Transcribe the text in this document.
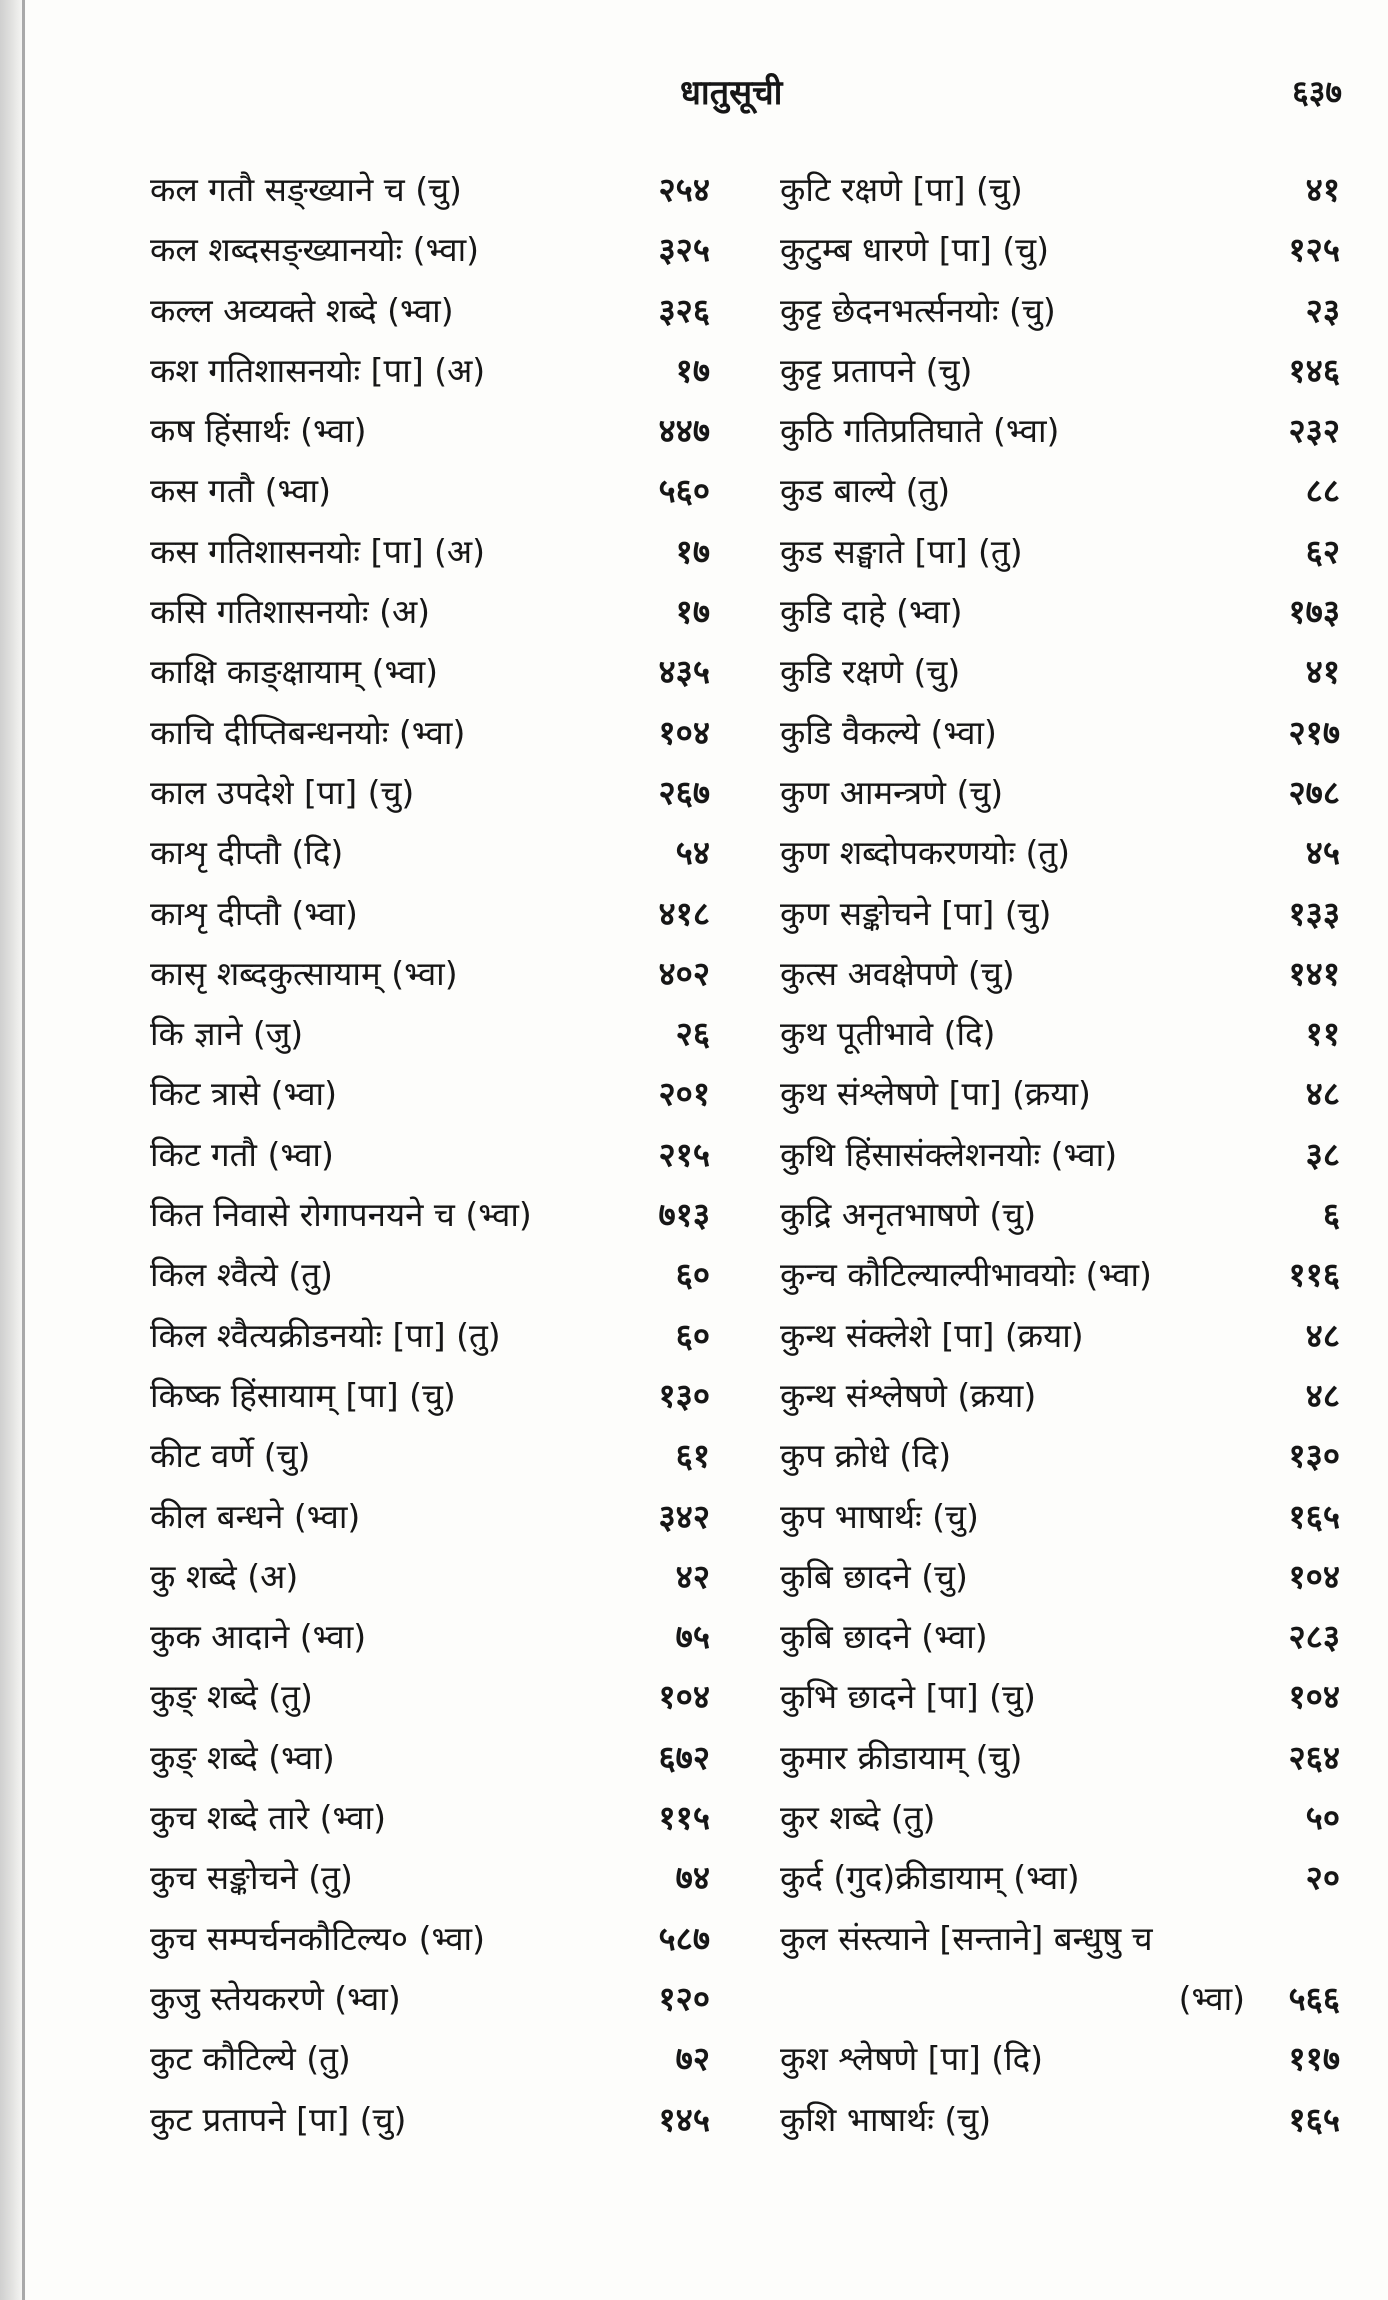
धातुसूची	६३७
कल गतौ सङ्ख्याने च (चु)	२५४
कल शब्दसङ्ख्यानयोः (भ्वा)	३२५
कल्ल अव्यक्ते शब्दे (भ्वा)	३२६
कश गतिशासनयोः [पा] (अ)	१७
कष हिंसार्थः (भ्वा)	४४७
कस गतौ (भ्वा)	५६०
कस गतिशासनयोः [पा] (अ)	१७
कसि गतिशासनयोः (अ)	१७
काक्षि काङ्क्षायाम् (भ्वा)	४३५
काचि दीप्तिबन्धनयोः (भ्वा)	१०४
काल उपदेशे [पा] (चु)	२६७
काशृ दीप्तौ (दि)	५४
काशृ दीप्तौ (भ्वा)	४१८
कासृ शब्दकुत्सायाम् (भ्वा)	४०२
कि ज्ञाने (जु)	२६
किट त्रासे (भ्वा)	२०१
किट गतौ (भ्वा)	२१५
कित निवासे रोगापनयने च (भ्वा)	७१३
किल श्वैत्ये (तु)	६०
किल श्वैत्यक्रीडनयोः [पा] (तु)	६०
किष्क हिंसायाम् [पा] (चु)	१३०
कीट वर्णे (चु)	६१
कील बन्धने (भ्वा)	३४२
कु शब्दे (अ)	४२
कुक आदाने (भ्वा)	७५
कुङ् शब्दे (तु)	१०४
कुङ् शब्दे (भ्वा)	६७२
कुच शब्दे तारे (भ्वा)	११५
कुच सङ्कोचने (तु)	७४
कुच सम्पर्चनकौटिल्य० (भ्वा)	५८७
कुजु स्तेयकरणे (भ्वा)	१२०
कुट कौटिल्ये (तु)	७२
कुट प्रतापने [पा] (चु)	१४५
कुटि रक्षणे [पा] (चु)	४१
कुटुम्ब धारणे [पा] (चु)	१२५
कुट्ट छेदनभर्त्सनयोः (चु)	२३
कुट्ट प्रतापने (चु)	१४६
कुठि गतिप्रतिघाते (भ्वा)	२३२
कुड बाल्ये (तु)	८८
कुड सङ्घाते [पा] (तु)	६२
कुडि दाहे (भ्वा)	१७३
कुडि रक्षणे (चु)	४१
कुडि वैकल्ये (भ्वा)	२१७
कुण आमन्त्रणे (चु)	२७८
कुण शब्दोपकरणयोः (तु)	४५
कुण सङ्कोचने [पा] (चु)	१३३
कुत्स अवक्षेपणे (चु)	१४१
कुथ पूतीभावे (दि)	११
कुथ संश्लेषणे [पा] (क्रया)	४८
कुथि हिंसासंक्लेशनयोः (भ्वा)	३८
कुद्रि अनृतभाषणे (चु)	६
कुन्च कौटिल्याल्पीभावयोः (भ्वा)	११६
कुन्थ संक्लेशे [पा] (क्रया)	४८
कुन्थ संश्लेषणे (क्रया)	४८
कुप क्रोधे (दि)	१३०
कुप भाषार्थः (चु)	१६५
कुबि छादने (चु)	१०४
कुबि छादने (भ्वा)	२८३
कुभि छादने [पा] (चु)	१०४
कुमार क्रीडायाम् (चु)	२६४
कुर शब्दे (तु)	५०
कुर्द (गुद)क्रीडायाम् (भ्वा)	२०
कुल संस्त्याने [सन्ताने] बन्धुषु च
(भ्वा) ५६६
कुश श्लेषणे [पा] (दि)	११७
कुशि भाषार्थः (चु)	१६५
